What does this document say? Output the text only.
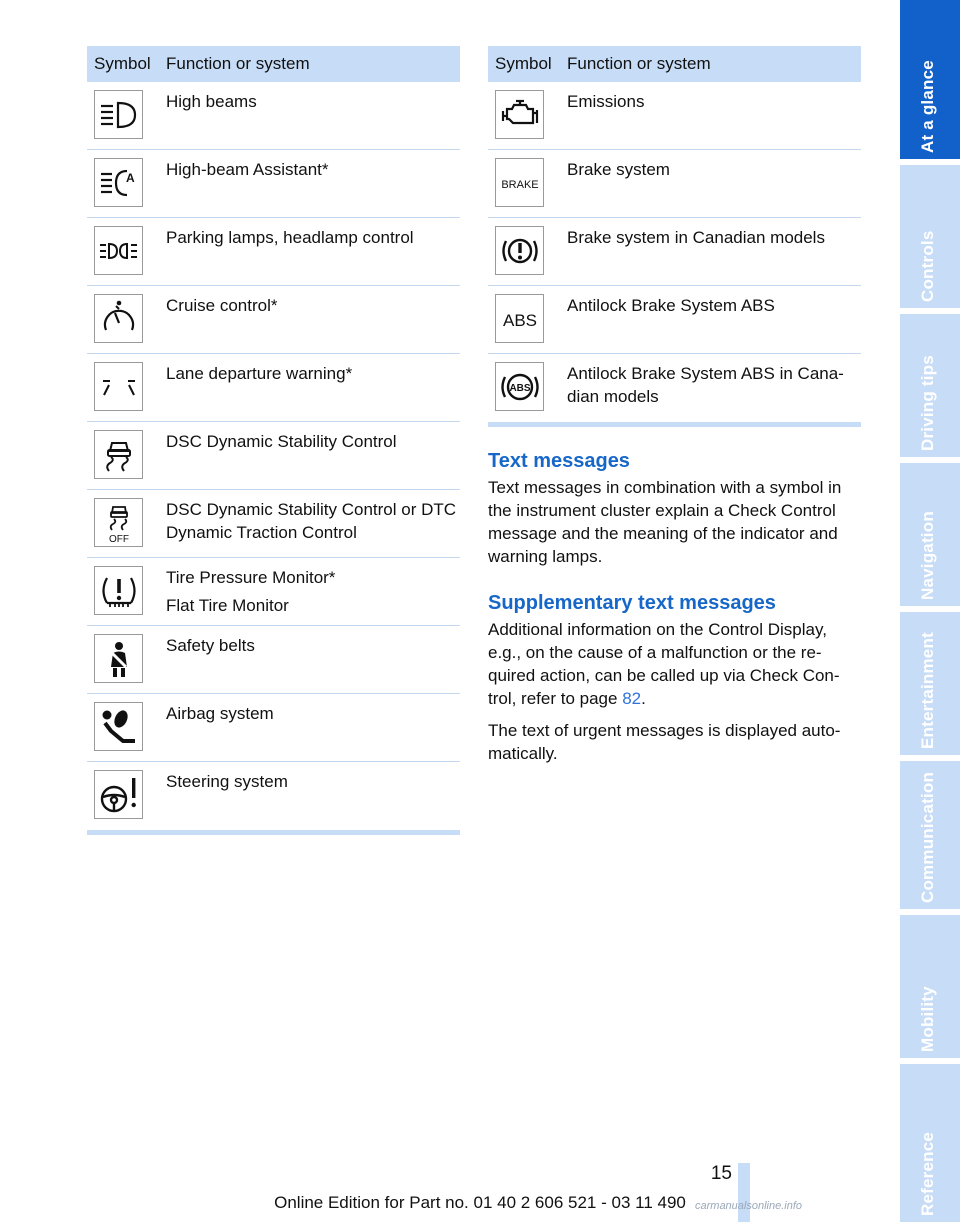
Symbol Function or system
High beams
A High-beam Assistant*
Parking lamps, headlamp control
Cruise control*
Lane departure warning*
DSC Dynamic Stability Control
OFF
DSC Dynamic Stability Control or DTC Dynamic Traction Control
Tire Pressure Monitor*
Flat Tire Monitor
Safety belts
Airbag system
Steering system
Symbol Function or system
Emissions
BRAKE
Brake system
Brake system in Canadian models
ABS
Antilock Brake System ABS
ABS
Antilock Brake System ABS in Cana-dian models
Text messages
Text messages in combination with a symbol in the instrument cluster explain a Check Control message and the meaning of the indicator and warning lamps.
Supplementary text messages
Additional information on the Control Display, e.g., on the cause of a malfunction or the re-quired action, can be called up via Check Con-trol, refer to page 82.
The text of urgent messages is displayed auto-matically.
At a glance
Controls
Driving tips
Navigation
Entertainment
Communication
Mobility
Reference
15
Online Edition for Part no. 01 40 2 606 521 - 03 11 490 carmanualsonline.info
